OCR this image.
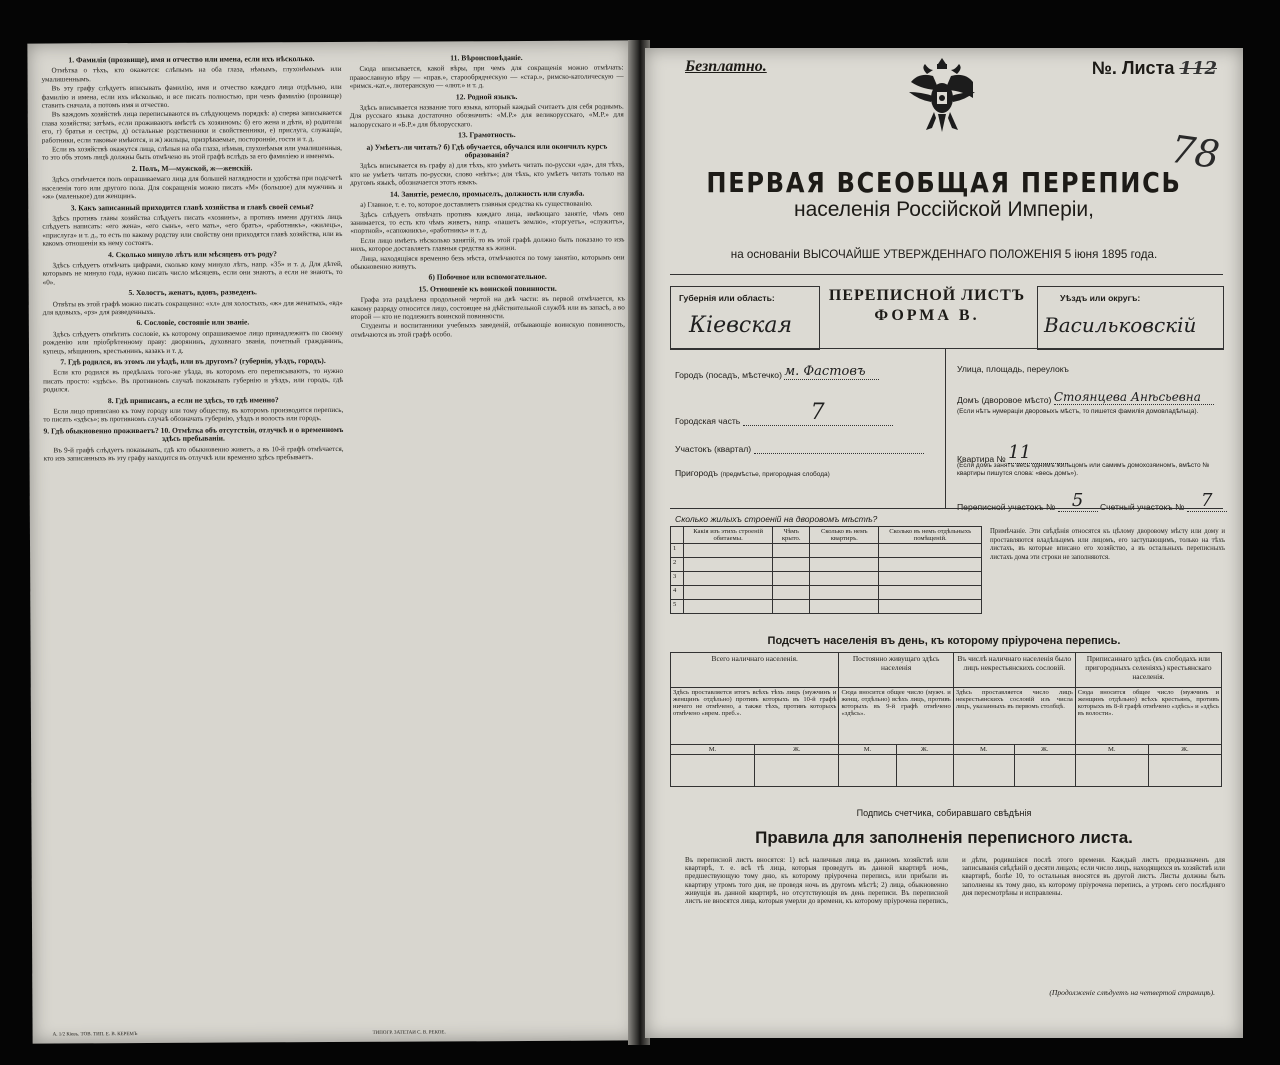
1. Фамилія (прозвище), имя и отчество или имена, если ихъ нѣсколько.
Отмѣтка о тѣхъ, кто окажется: слѣпымъ на оба глаза, нѣмымъ, глухонѣмымъ или умалишеннымъ.
Въ эту графу слѣдуетъ вписывать фамилію, имя и отчество каждаго лица отдѣльно, или фамилію и имена, если ихъ нѣсколько, и все писать полностью, при чемъ фамилію (прозвище) ставить сначала, а потомъ имя и отчество.
Въ каждомъ хозяйствѣ лица переписываются въ слѣдующемъ порядкѣ: а) сперва записывается глава хозяйства; затѣмъ, если проживаютъ вмѣстѣ съ хозяиномъ: б) его жена и дѣти, в) родители его, г) братья и сестры, д) остальные родственники и свойственники, е) прислуга, служащіе, работники, если таковые имѣются, и ж) жильцы, призрѣваемые, посторонніе, гости и т. д.
Если въ хозяйствѣ окажутся лица, слѣпыя на оба глаза, нѣмыя, глухонѣмыя или умалишенныя, то это объ этомъ лицѣ должны быть отмѣчено въ этой графѣ вслѣдъ за его фамиліею и именемъ.
2. Полъ, М—мужской, ж—женскій.
Здѣсь отмѣчается полъ опрашиваемаго лица для большей наглядности и удобства при подсчетѣ населенія того или другого пола. Для сокращенія можно писать «М» (большое) для мужчинъ и «ж» (маленькое) для женщинъ.
3. Какъ записанный приходится главѣ хозяйства и главѣ своей семьи?
Здѣсь противъ главы хозяйства слѣдуетъ писать «хозяинъ», а противъ имени другихъ лицъ слѣдуетъ написать: «его жена», «его сынъ», «его мать», «его братъ», «работникъ», «жилецъ», «прислуга» и т. д., то есть по какому родству или свойству они приходятся главѣ хозяйства, или въ какомъ отношеніи къ нему состоятъ.
4. Сколько минуло лѣтъ или мѣсяцевъ отъ роду?
Здѣсь слѣдуетъ отмѣчать цифрами, сколько кому минуло лѣтъ, напр. «35» и т. д. Для дѣтей, которымъ не минуло года, нужно писать число мѣсяцевъ, если они знаютъ, а если не знаютъ, то «0».
5. Холостъ, женатъ, вдовъ, разведенъ.
Отвѣты въ этой графѣ можно писать сокращенно: «хл» для холостыхъ, «ж» для женатыхъ, «вд» для вдовыхъ, «рз» для разведенныхъ.
6. Сословіе, состояніе или званіе.
Здѣсь слѣдуетъ отмѣтить сословіе, къ которому опрашиваемое лицо принадлежитъ по своему рожденію или пріобрѣтенному праву: дворянинъ, духовнаго званія, почетный гражданинъ, купецъ, мѣщанинъ, крестьянинъ, казакъ и т. д.
7. Гдѣ родился, въ этомъ ли уѣздѣ, или въ другомъ? (губернія, уѣздъ, городъ).
Если кто родился въ предѣлахъ того-же уѣзда, въ которомъ его переписываютъ, то нужно писать просто: «здѣсь». Въ противномъ случаѣ показывать губернію и уѣздъ, или городъ, гдѣ родился.
8. Гдѣ приписанъ, а если не здѣсь, то гдѣ именно?
Если лицо приписано къ тому городу или тому обществу, въ которомъ производится перепись, то писать «здѣсь»; въ противномъ случаѣ обозначать губернію, уѣздъ и волость или городъ.
9. Гдѣ обыкновенно проживаетъ? 10. Отмѣтка объ отсутствіи, отлучкѣ и о временномъ здѣсь пребываніи.
Въ 9-й графѣ слѣдуетъ показывать, гдѣ кто обыкновенно живетъ, а въ 10-й графѣ отмѣчается, кто изъ записанныхъ въ эту графу находится въ отлучкѣ или временно здѣсь пребываетъ.
11. Вѣроисповѣданіе.
Сюда вписывается, какой вѣры, при чемъ для сокращенія можно отмѣчать: православную вѣру — «прав.», старообрядческую — «стар.», римско-католическую — «римск.-кат.», лютеранскую — «лют.» и т. д.
12. Родной языкъ.
Здѣсь вписывается название того языка, который каждый считаетъ для себя роднымъ. Для русскаго языка достаточно обозначить: «М.Р.» для великорусскаго, «М.Р.» для малорусскаго и «Б.Р.» для бѣлорусскаго.
13. Грамотность.
а) Умѣетъ-ли читать? б) Гдѣ обучается, обучался или окончилъ курсъ образованія?
Здѣсь вписывается въ графу а) для тѣхъ, кто умѣетъ читать по-русски «да», для тѣхъ, кто не умѣетъ читать по-русски, слово «нѣтъ»; для тѣхъ, кто умѣетъ читать только на другомъ языкѣ, обозначается этотъ языкъ.
14. Занятіе, ремесло, промыселъ, должность или служба.
а) Главное, т. е. то, которое доставляетъ главныя средства къ существованію.
Здѣсь слѣдуетъ отвѣчать противъ каждаго лица, имѣющаго занятіе, чѣмъ оно занимается, то есть кто чѣмъ живетъ, напр. «пашетъ землю», «торгуетъ», «служитъ», «портной», «сапожникъ», «работникъ» и т. д.
Если лицо имѣетъ нѣсколько занятій, то въ этой графѣ должно быть показано то изъ нихъ, которое доставляетъ главныя средства къ жизни.
Лица, находящіяся временно безъ мѣста, отмѣчаются по тому занятію, которымъ они обыкновенно живутъ.
б) Побочное или вспомогательное.
15. Отношеніе къ воинской повинности.
Графа эта раздѣлена продольной чертой на двѣ части: въ первой отмѣчается, къ какому разряду относится лицо, состоящее на дѣйствительной службѣ или въ запасѣ, а во второй — кто не подлежитъ воинской повинности.
Студенты и воспитанники учебныхъ заведеній, отбывающіе воинскую повинность, отмѣчаются въ этой графѣ особо.
А. 1/2 Кіевъ. ТОВ. ТИП. Е. В. КЕРЕМЪ	ТИПОГР. ЗАТЕТАИ С. В. РЕКОЕ.
Безплатно.	№. Листа 112
78
ПЕРВАЯ ВСЕОБЩАЯ ПЕРЕПИСЬ
населенія Россійской Имперіи,
на основаніи ВЫСОЧАЙШЕ УТВЕРЖДЕННАГО ПОЛОЖЕНІЯ 5 іюня 1895 года.
Губернія или область:
Кіевская
ПЕРЕПИСНОЙ ЛИСТЪ
ФОРМА В.
Уѣздъ или округъ:
Васильковскій
Городъ (посадъ, мѣстечко) м. Фастовъ
Городская часть	7
Участокъ (квартал)
Пригородъ (предмѣстье, пригородная слобода)
Улица, площадь, переулокъ
Домъ (дворовое мѣсто) Стоянцева Анѣсьевна
(Если нѣтъ нумераціи дворовыхъ мѣстъ, то пишется фамилія домовладѣльца).
Квартира № 11
(Если домъ занятъ весь однимъ жильцомъ или самимъ домохозяиномъ, вмѣсто № квартиры пишутся слова: «весь домъ»).
Переписной участокъ № 5 Счетный участокъ № 7
Сколько жилыхъ строеній на дворовомъ мѣстѣ?
	Какія изъ этихъ строеній обитаемы.	Чѣмъ крыто.	Сколько въ немъ квартиръ.	Сколько въ немъ отдѣльныхъ помѣщеній.
1				
2				
3				
4				
5				
Примѣчаніе. Эти свѣдѣнія относятся къ цѣлому дворовому мѣсту или дому и проставляются владѣльцемъ или лицомъ, его заступающимъ, только на тѣхъ листахъ, въ которые вписано его хозяйство, а въ остальныхъ переписныхъ листахъ дома эти строки не заполняются.
Подсчетъ населенія въ день, къ которому пріурочена перепись.
Всего наличнаго населенія.		Постоянно живущаго здѣсь населенія		Въ числѣ наличнаго населенія было лицъ некрестьянскихъ сословій.		Приписаннаго здѣсь (въ слободахъ или пригородныхъ селеніяхъ) крестьянскаго населенія.	
Здѣсь проставляется итогъ всѣхъ тѣхъ лицъ (мужчинъ и женщинъ отдѣльно) противъ которыхъ въ 10-й графѣ ничего не отмѣчено, а также тѣхъ, противъ которыхъ отмѣчено «врем. преб.».		Сюда вносится общее число (мужч. и женщ. отдѣльно) всѣхъ лицъ, противъ которыхъ въ 9-й графѣ отмѣчено «здѣсь».		Здѣсь проставляется число лицъ некрестьянскихъ сословій изъ числа лицъ, указанныхъ въ первомъ столбцѣ.		Сюда вносится общее число (мужчинъ и женщинъ отдѣльно) всѣхъ крестьянъ, противъ которыхъ въ 8-й графѣ отмѣчено «здѣсь» и «здѣсь въ волости».	
М.	Ж.	М.	Ж.	М.	Ж.	М.	Ж.

Подпись счетчика, собиравшаго свѣдѣнія
Правила для заполненія переписного листа.
Въ переписной листъ вносятся: 1) всѣ наличныя лица въ данномъ хозяйствѣ или квартирѣ, т. е. всѣ тѣ лица, которыя проведутъ въ данной квартирѣ ночь, предшествующую тому дню, къ которому пріурочена перепись, или прибыли въ квартиру утромъ того дня, не проведя ночь въ другомъ мѣстѣ; 2) лица, обыкновенно живущія въ данной квартирѣ, но отсутствующія въ день переписи. Въ переписной листъ не вносятся лица, которыя умерли до времени, къ которому пріурочена перепись, и дѣти, родившіяся послѣ этого времени. Каждый листъ предназначенъ для записыванія свѣдѣній о десяти лицахъ; если число лицъ, находящихся въ хозяйствѣ или квартирѣ, болѣе 10, то остальныя вносятся въ другой листъ. Листы должны быть заполнены къ тому дню, къ которому пріурочена перепись, а утромъ сего послѣдняго дня пересмотрѣны и исправлены.
(Продолженіе слѣдуетъ на четвертой страницѣ).
